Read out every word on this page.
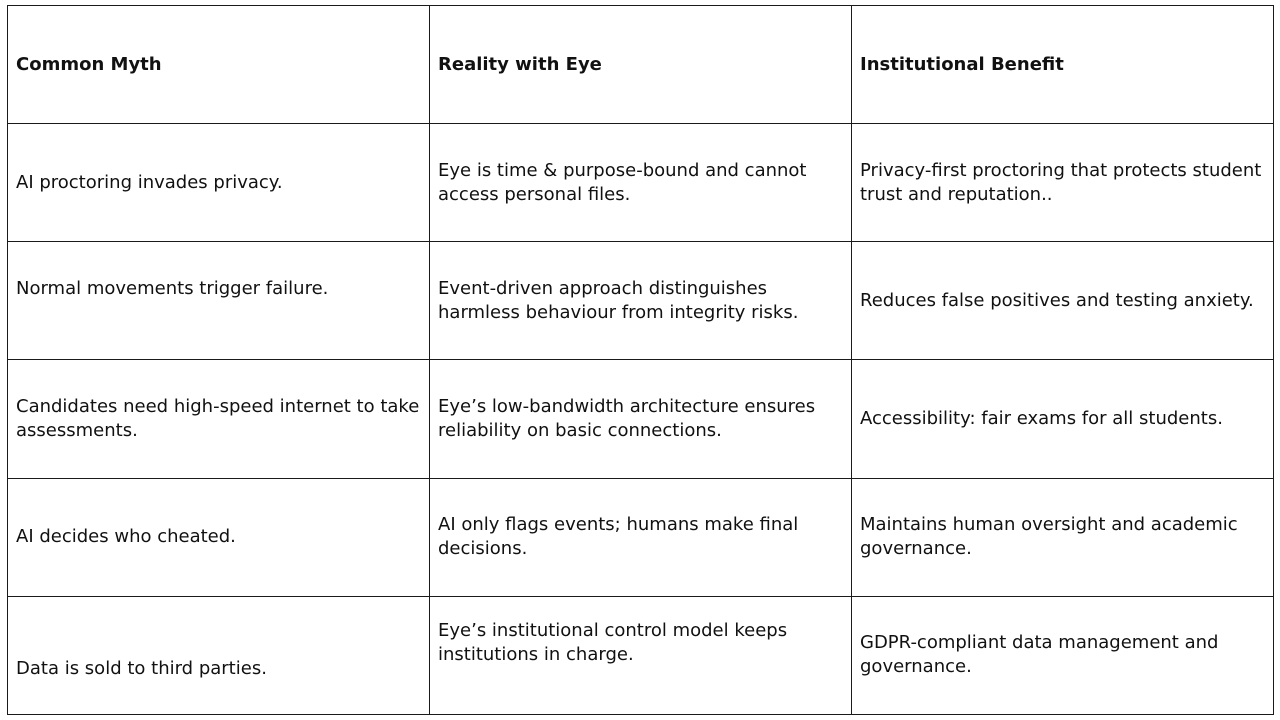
Common Myth	Reality with Eye	Institutional Benefit
AI proctoring invades privacy.	Eye is time & purpose-bound and cannot access personal files.	Privacy-first proctoring that protects student trust and reputation..

Normal movements trigger failure.	Event-driven approach distinguishes harmless behaviour from integrity risks.	Reduces false positives and testing anxiety.
Candidates need high-speed internet to take assessments.	Eye’s low-bandwidth architecture ensures reliability on basic connections.	Accessibility: fair exams for all students.
AI decides who cheated.	AI only flags events; humans make final decisions.	Maintains human oversight and academic governance.

Data is sold to third parties.	Eye’s institutional control model keeps institutions in charge.	GDPR-compliant data management and governance.
